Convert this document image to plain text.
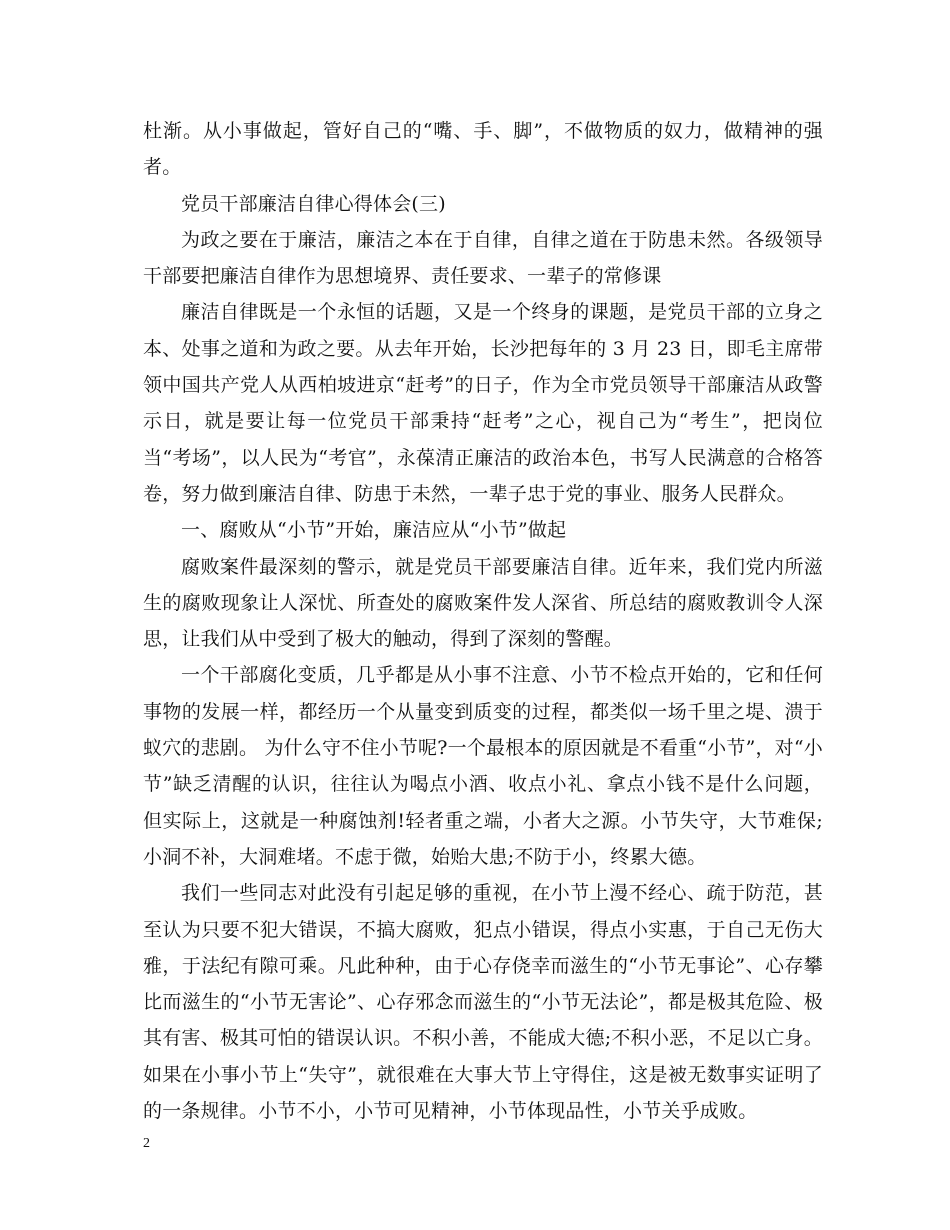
杜渐。从小事做起，管好自己的“嘴、手、脚”，不做物质的奴力，做精神的强者。

党员干部廉洁自律心得体会(三)

为政之要在于廉洁，廉洁之本在于自律，自律之道在于防患未然。各级领导干部要把廉洁自律作为思想境界、责任要求、一辈子的常修课

廉洁自律既是一个永恒的话题，又是一个终身的课题，是党员干部的立身之本、处事之道和为政之要。从去年开始，长沙把每年的 3 月 23 日，即毛主席带领中国共产党人从西柏坡进京“赶考”的日子，作为全市党员领导干部廉洁从政警示日，就是要让每一位党员干部秉持“赶考”之心，视自己为“考生”，把岗位当“考场”，以人民为“考官”，永葆清正廉洁的政治本色，书写人民满意的合格答卷，努力做到廉洁自律、防患于未然，一辈子忠于党的事业、服务人民群众。

一、腐败从“小节”开始，廉洁应从“小节”做起

腐败案件最深刻的警示，就是党员干部要廉洁自律。近年来，我们党内所滋生的腐败现象让人深忧、所查处的腐败案件发人深省、所总结的腐败教训令人深思，让我们从中受到了极大的触动，得到了深刻的警醒。

一个干部腐化变质，几乎都是从小事不注意、小节不检点开始的，它和任何事物的发展一样，都经历一个从量变到质变的过程，都类似一场千里之堤、溃于蚁穴的悲剧。 为什么守不住小节呢?一个最根本的原因就是不看重“小节”，对“小节”缺乏清醒的认识，往往认为喝点小酒、收点小礼、拿点小钱不是什么问题，但实际上，这就是一种腐蚀剂!轻者重之端，小者大之源。小节失守，大节难保;小洞不补，大洞难堵。不虑于微，始贻大患;不防于小，终累大德。

我们一些同志对此没有引起足够的重视，在小节上漫不经心、疏于防范，甚至认为只要不犯大错误，不搞大腐败，犯点小错误，得点小实惠，于自己无伤大雅，于法纪有隙可乘。凡此种种，由于心存侥幸而滋生的“小节无事论”、心存攀比而滋生的“小节无害论”、心存邪念而滋生的“小节无法论”，都是极其危险、极其有害、极其可怕的错误认识。不积小善，不能成大德;不积小恶，不足以亡身。如果在小事小节上“失守”，就很难在大事大节上守得住，这是被无数事实证明了的一条规律。小节不小，小节可见精神，小节体现品性，小节关乎成败。

2
